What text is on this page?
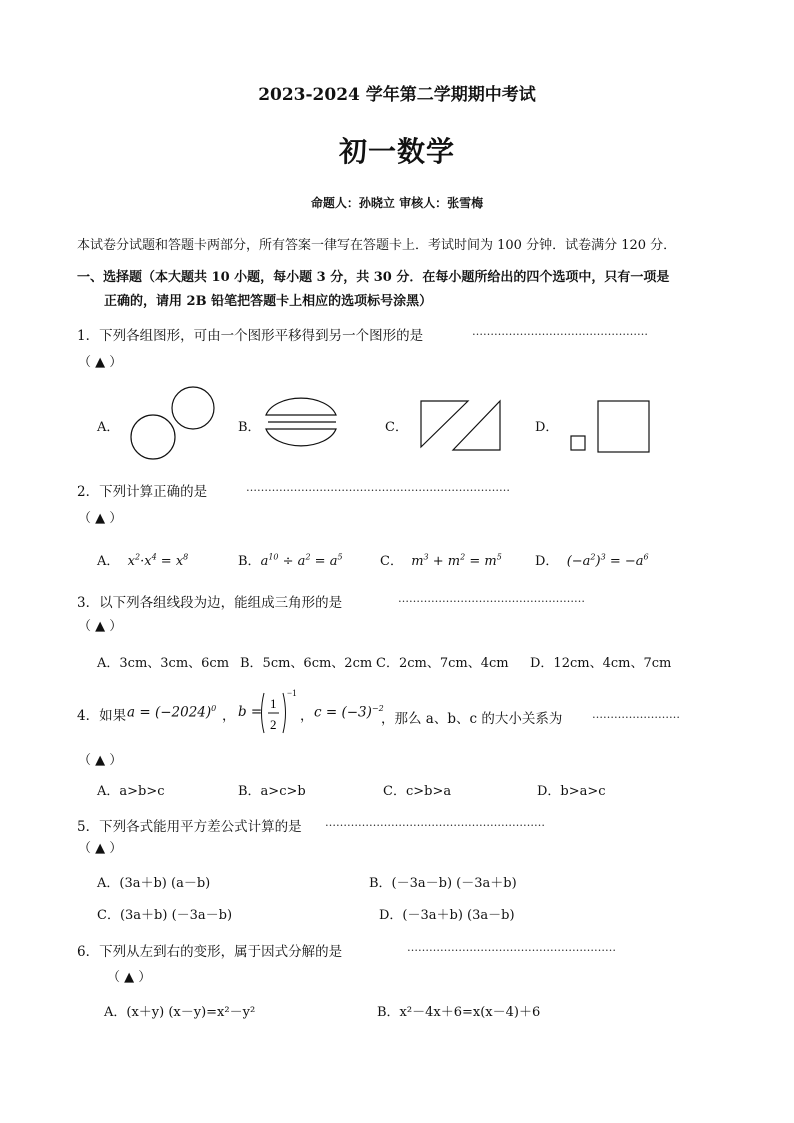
2023-2024 学年第二学期期中考试
初一数学
命题人：孙晓立 审核人：张雪梅
本试卷分试题和答题卡两部分，所有答案一律写在答题卡上．考试时间为 100 分钟．试卷满分 120 分．
一、选择题（本大题共 10 小题，每小题 3 分，共 30 分．在每小题所给出的四个选项中，只有一项是
正确的，请用 2B 铅笔把答题卡上相应的选项标号涂黑）
1．下列各组图形，可由一个图形平移得到另一个图形的是	…………………………………………
（ ▲ ）
A．	B．	C．	D．
2．下列计算正确的是	………………………………………………………………
（ ▲ ）
A． $x^2\cdot x^4 = x^8$	B．$a^{10} \div a^2 = a^5$	C． $m^3 + m^2 = m^5$	D． $(-a^2)^3 = -a^6$
3．以下列各组线段为边，能组成三角形的是	……………………………………………
（ ▲ ）
A．3cm、3cm、6cm B．5cm、6cm、2cm C．2cm、7cm、4cm D．12cm、4cm、7cm
4．如果 $a = (-2024)^0$ ， b =
1
2
−1
， $c = (-3)^{-2}$
，那么 a、b、c 的大小关系为	……………………
（ ▲ ）
A．a>b>c	B．a>c>b	C．c>b>a	D．b>a>c
5．下列各式能用平方差公式计算的是 ……………………………………………………
（ ▲ ）
A．(3a＋b) (a－b)	B．(－3a－b) (－3a＋b)
C．(3a＋b) (－3a－b)	D．(－3a＋b) (3a－b)
6．下列从左到右的变形，属于因式分解的是	…………………………………………………
（ ▲ ）
A．(x＋y) (x－y)=x²－y²	B．x²－4x＋6=x(x－4)＋6
